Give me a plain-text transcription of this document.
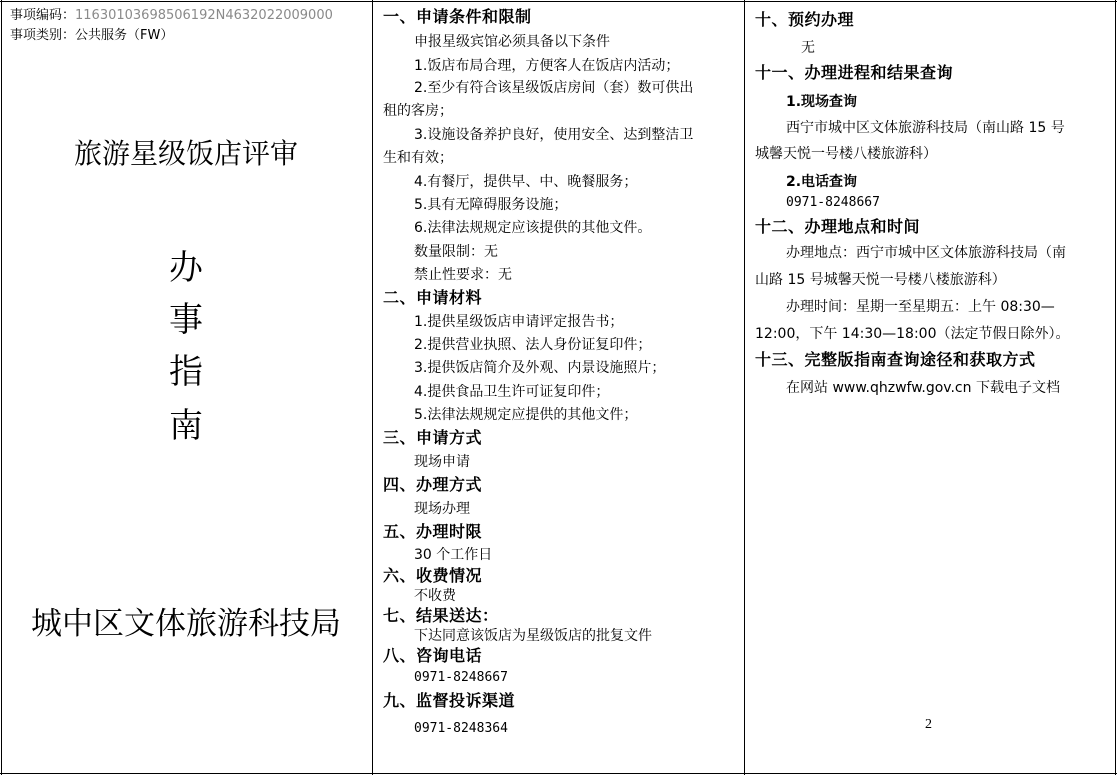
事项编码：11630103698506192N4632022009000
事项类别：公共服务（FW）
旅游星级饭店评审
办
事
指
南
城中区文体旅游科技局
一、申请条件和限制
申报星级宾馆必须具备以下条件
1.饭店布局合理，方便客人在饭店内活动；
2.至少有符合该星级饭店房间（套）数可供出
租的客房；
3.设施设备养护良好，使用安全、达到整洁卫
生和有效；
4.有餐厅，提供早、中、晚餐服务；
5.具有无障碍服务设施；
6.法律法规规定应该提供的其他文件。
数量限制：无
禁止性要求：无
二、申请材料
1.提供星级饭店申请评定报告书；
2.提供营业执照、法人身份证复印件；
3.提供饭店简介及外观、内景设施照片；
4.提供食品卫生许可证复印件；
5.法律法规规定应提供的其他文件；
三、申请方式
现场申请
四、办理方式
现场办理
五、办理时限
30 个工作日
六、收费情况
不收费
七、结果送达：
下达同意该饭店为星级饭店的批复文件
八、咨询电话
0971-8248667
九、监督投诉渠道
0971-8248364
十、预约办理
无
十一、办理进程和结果查询
1.现场查询
西宁市城中区文体旅游科技局（南山路 15 号
城馨天悦一号楼八楼旅游科）
2.电话查询
0971-8248667
十二、办理地点和时间
办理地点：西宁市城中区文体旅游科技局（南
山路 15 号城馨天悦一号楼八楼旅游科）
办理时间：星期一至星期五：上午 08:30—
12:00，下午 14:30—18:00（法定节假日除外）。
十三、完整版指南查询途径和获取方式
在网站 www.qhzwfw.gov.cn 下载电子文档
2
